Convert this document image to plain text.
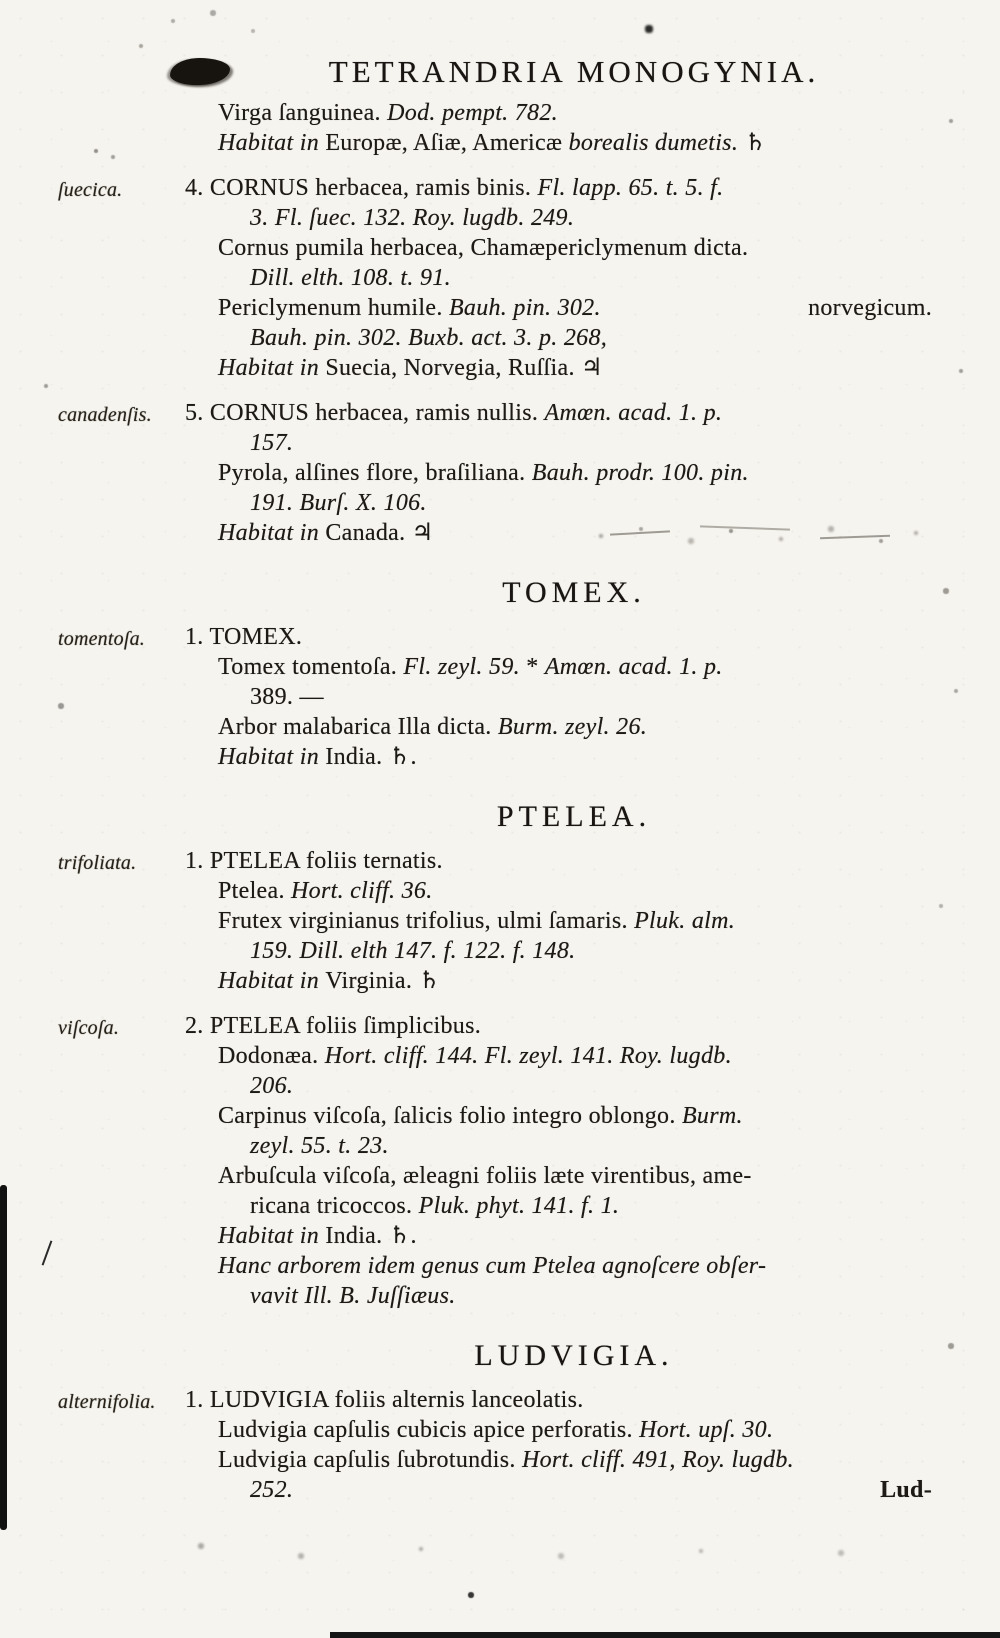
TETRANDRIA MONOGYNIA.
Virga ſanguinea. Dod. pempt. 782.
Habitat in Europæ, Aſiæ, Americæ borealis dumetis. ♄
ſuecica.	4. CORNUS herbacea, ramis binis. Fl. lapp. 65. t. 5. f.
3. Fl. ſuec. 132. Roy. lugdb. 249.
Cornus pumila herbacea, Chamæpericlymenum dicta.
Dill. elth. 108. t. 91.
Periclymenum humile. Bauh. pin. 302.	norvegicum.
Bauh. pin. 302. Buxb. act. 3. p. 268,
Habitat in Suecia, Norvegia, Ruſſia. ♃
canadenſis.	5. CORNUS herbacea, ramis nullis. Amœn. acad. 1. p.
157.
Pyrola, alſines flore, braſiliana. Bauh. prodr. 100. pin.
191. Burſ. X. 106.
Habitat in Canada. ♃
TOMEX.
tomentoſa.	1. TOMEX.
Tomex tomentoſa. Fl. zeyl. 59. * Amœn. acad. 1. p.
389. —
Arbor malabarica Illa dicta. Burm. zeyl. 26.
Habitat in India. ♄.
PTELEA.
trifoliata.	1. PTELEA foliis ternatis.
Ptelea. Hort. cliff. 36.
Frutex virginianus trifolius, ulmi ſamaris. Pluk. alm.
159. Dill. elth 147. f. 122. f. 148.
Habitat in Virginia. ♄
viſcoſa.	2. PTELEA foliis ſimplicibus.
Dodonæa. Hort. cliff. 144. Fl. zeyl. 141. Roy. lugdb.
206.
Carpinus viſcoſa, ſalicis folio integro oblongo. Burm.
zeyl. 55. t. 23.
Arbuſcula viſcoſa, æleagni foliis læte virentibus, ame-
ricana tricoccos. Pluk. phyt. 141. f. 1.
Habitat in India. ♄.
Hanc arborem idem genus cum Ptelea agnoſcere obſer-
vavit Ill. B. Juſſiæus.
LUDVIGIA.
alternifolia.	1. LUDVIGIA foliis alternis lanceolatis.
Ludvigia capſulis cubicis apice perforatis. Hort. upſ. 30.
Ludvigia capſulis ſubrotundis. Hort. cliff. 491, Roy. lugdb.
252.	Lud-
